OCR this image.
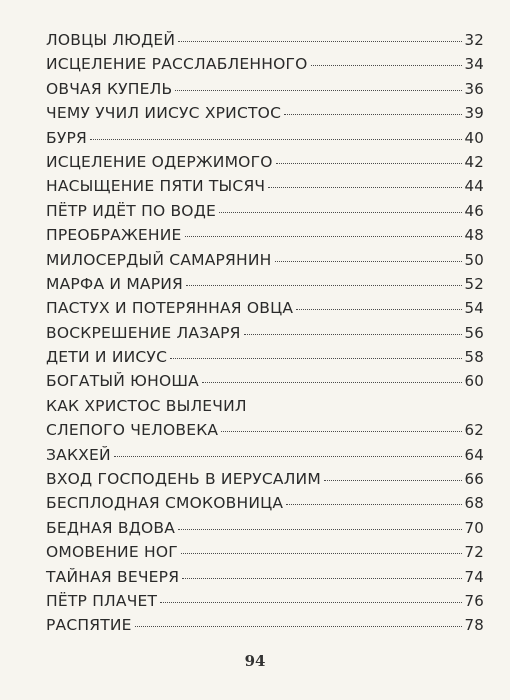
ЛОВЦЫ ЛЮДЕЙ	32
ИСЦЕЛЕНИЕ РАССЛАБЛЕННОГО	34
ОВЧАЯ КУПЕЛЬ	36
ЧЕМУ УЧИЛ ИИСУС ХРИСТОС	39
БУРЯ	40
ИСЦЕЛЕНИЕ ОДЕРЖИМОГО	42
НАСЫЩЕНИЕ ПЯТИ ТЫСЯЧ	44
ПЁТР ИДЁТ ПО ВОДЕ	46
ПРЕОБРАЖЕНИЕ	48
МИЛОСЕРДЫЙ САМАРЯНИН	50
МАРФА И МАРИЯ	52
ПАСТУХ И ПОТЕРЯННАЯ ОВЦА	54
ВОСКРЕШЕНИЕ ЛАЗАРЯ	56
ДЕТИ И ИИСУС	58
БОГАТЫЙ ЮНОША	60
КАК ХРИСТОС ВЫЛЕЧИЛ
СЛЕПОГО ЧЕЛОВЕКА	62
ЗАКХЕЙ	64
ВХОД ГОСПОДЕНЬ В ИЕРУСАЛИМ	66
БЕСПЛОДНАЯ СМОКОВНИЦА	68
БЕДНАЯ ВДОВА	70
ОМОВЕНИЕ НОГ	72
ТАЙНАЯ ВЕЧЕРЯ	74
ПЁТР ПЛАЧЕТ	76
РАСПЯТИЕ	78
94
